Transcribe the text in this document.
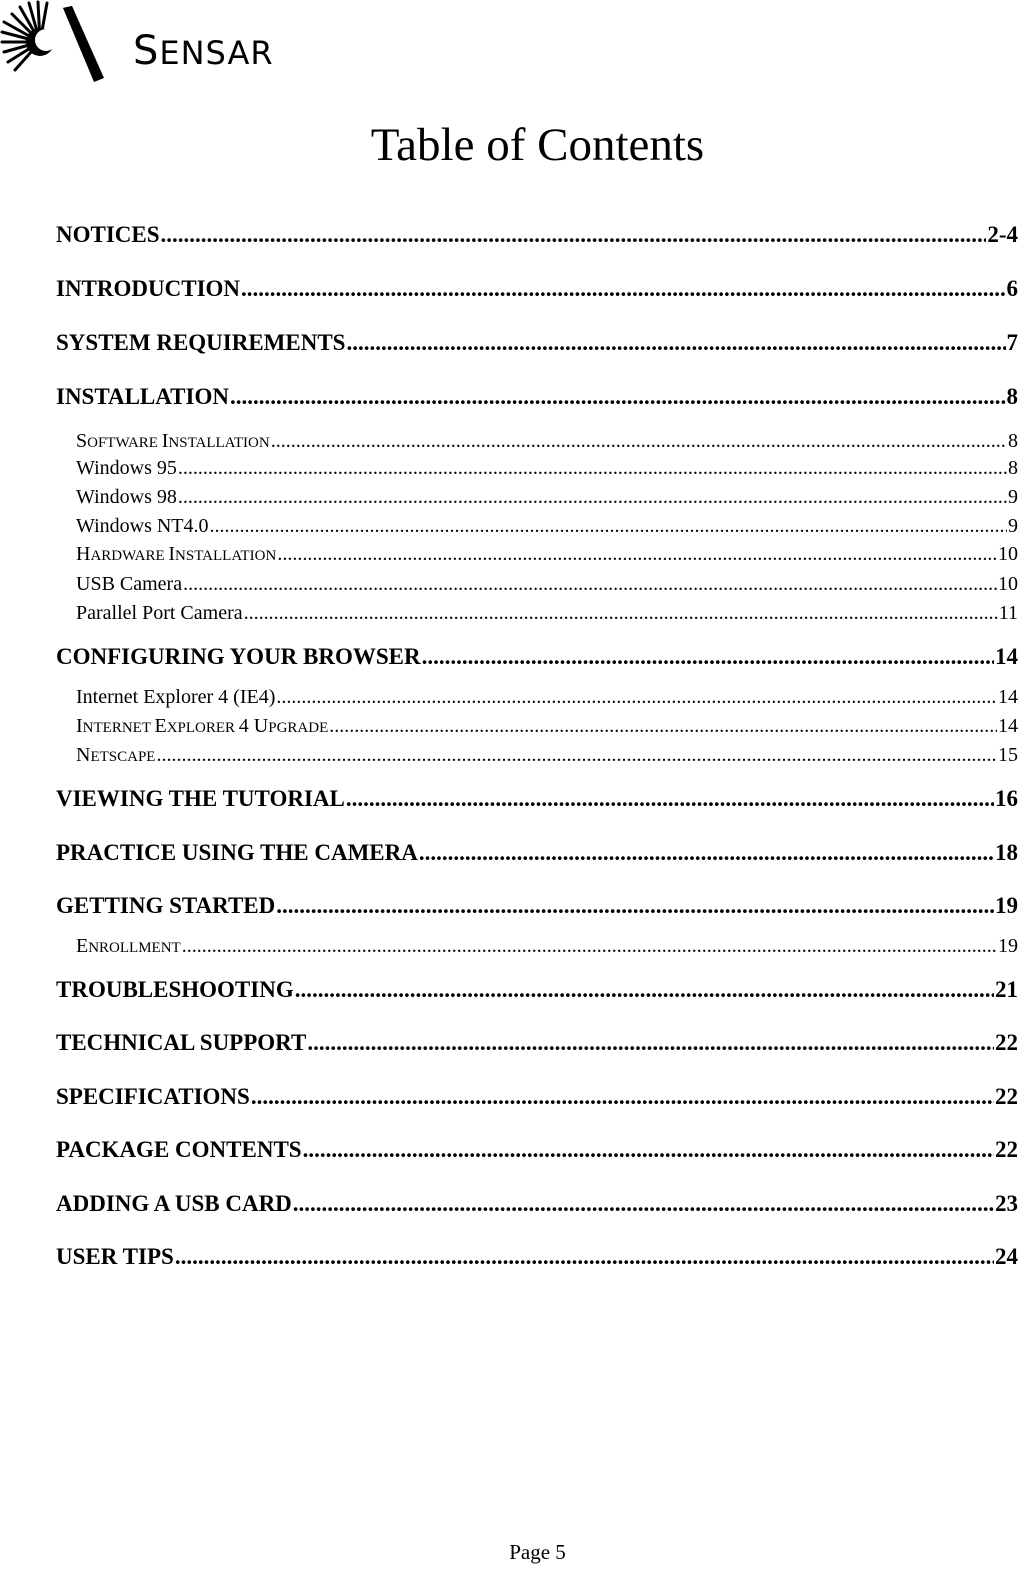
SENSAR
Table of Contents
NOTICES .....	2-4
INTRODUCTION .....	6
SYSTEM REQUIREMENTS .....	7
INSTALLATION .....	8
SOFTWARE INSTALLATION .....	8
Windows 95 .....	8
Windows 98 .....	9
Windows NT4.0 .....	9
HARDWARE INSTALLATION .....	10
USB Camera .....	10
Parallel Port Camera .....	11
CONFIGURING YOUR BROWSER .....	14
Internet Explorer 4 (IE4) .....	14
INTERNET EXPLORER 4 UPGRADE .....	14
NETSCAPE .....	15
VIEWING THE TUTORIAL .....	16
PRACTICE USING THE CAMERA .....	18
GETTING STARTED .....	19
ENROLLMENT .....	19
TROUBLESHOOTING .....	21
TECHNICAL SUPPORT .....	22
SPECIFICATIONS .....	22
PACKAGE CONTENTS .....	22
ADDING A USB CARD .....	23
USER TIPS .....	24
Page 5
